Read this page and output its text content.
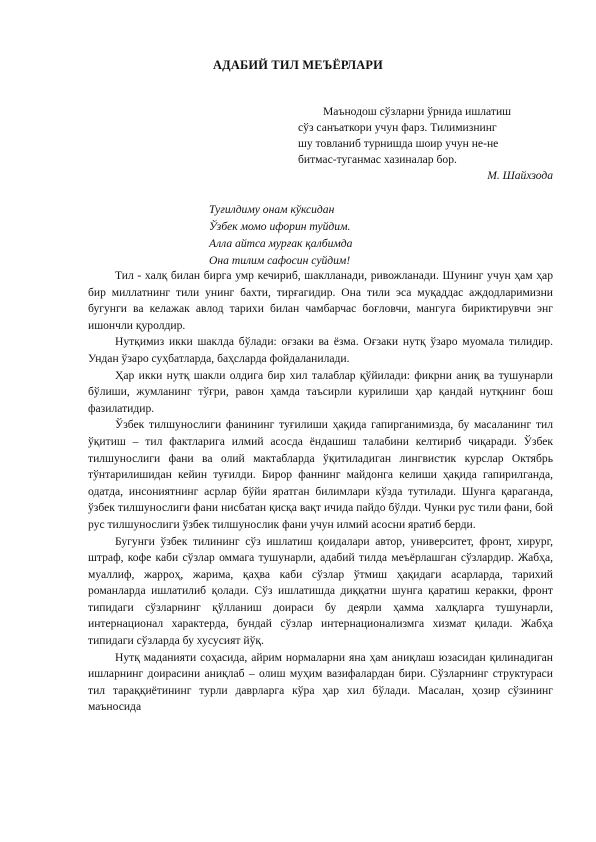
АДАБИЙ ТИЛ МЕЪЁРЛАРИ
Маънодош сўзларни ўрнида ишлатиш
сўз санъаткори учун фарз. Тилимизнинг
шу товланиб турнишда шоир учун не-не
битмас-туганмас хазиналар бор.
М. Шайхзода
Туғилдиму онам кўксидан
Ўзбек момо ифорин туйдим.
Алла айтса мурғак қалбимда
Она тилим сафосин суйдим!

Тил - халқ билан бирга умр кечириб, шаклланади, ривожланади. Шунинг учун ҳам ҳар бир миллатнинг тили унинг бахти, тирғагидир. Она тили эса муқаддас аждодларимизни бугунги ва келажак авлод тарихи билан чамбарчас боғловчи, мангуга бириктирувчи энг ишончли қуролдир.

Нутқимиз икки шаклда бўлади: оғзаки ва ёзма. Оғзаки нутқ ўзаро муомала тилидир. Ундан ўзаро суҳбатларда, баҳсларда фойдаланилади.

Ҳар икки нутқ шакли олдига бир хил талаблар қўйилади: фикрни аниқ ва тушунарли бўлиши, жумланинг тўғри, равон ҳамда таъсирли курилиши ҳар қандай нутқнинг бош фазилатидир.

Ўзбек тилшунослиги фанининг туғилиши ҳақида гапирганимизда, бу масаланинг тил ўқитиш – тил фактларига илмий асосда ёндашиш талабини келтириб чиқаради. Ўзбек тилшунослиги фани ва олий мактабларда ўқитиладиган лингвистик курслар Октябрь тўнтарилишидан кейин туғилди. Бирор фаннинг майдонга келиши ҳақида гапирилганда, одатда, инсониятнинг асрлар бўйи яратган билимлари кўзда тутилади. Шунга қараганда, ўзбек тилшунослиги фани нисбатан қисқа вақт ичида пайдо бўлди. Чунки рус тили фани, бой рус тилшунослиги ўзбек тилшунослик фани учун илмий асосни яратиб берди.

Бугунги ўзбек тилининг сўз ишлатиш қоидалари автор, университет, фронт, хирург, штраф, кофе каби сўзлар оммага тушунарли, адабий тилда меъёрлашган сўзлардир. Жабҳа, муаллиф, жарроҳ, жарима, қаҳва каби сўзлар ўтмиш ҳақидаги асарларда, тарихий романларда ишлатилиб қолади. Сўз ишлатишда диққатни шунга қаратиш керакки, фронт типидаги сўзларнинг қўлланиш доираси бу деярли ҳамма халқларга тушунарли, интернационал характерда, бундай сўзлар интернационализмга хизмат қилади. Жабҳа типидаги сўзларда бу хусусият йўқ.

Нутқ маданияти соҳасида, айрим нормаларни яна ҳам аниқлаш юзасидан қилинадиган ишларнинг доирасини аниқлаб – олиш муҳим вазифалардан бири. Сўзларнинг структураси тил тараққиётининг турли даврларга кўра ҳар хил бўлади. Масалан, ҳозир сўзининг маъносида
